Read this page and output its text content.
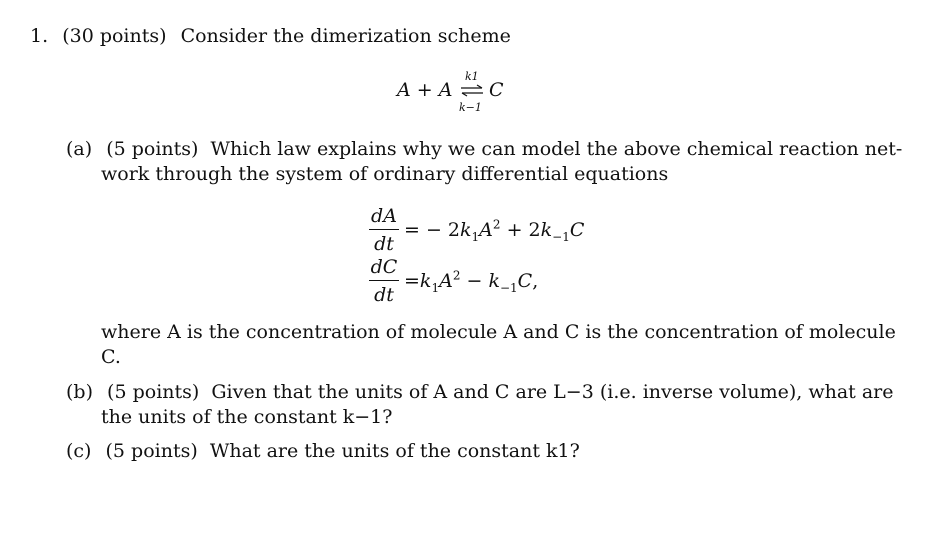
1. (30 points) Consider the dimerization scheme
A + A
k1
k−1
C
(a) (5 points) Which law explains why we can model the above chemical reaction net-
work through the system of ordinary differential equations
dA
dt
= − $2k_1A^2 + 2k_{-1}C$
dC
dt
$=k_1A^2 - k_{-1}C$,
where A is the concentration of molecule A and C is the concentration of molecule
C.
(b) (5 points) Given that the units of A and C are L−3 (i.e. inverse volume), what are
the units of the constant k−1?
(c) (5 points) What are the units of the constant k1?
